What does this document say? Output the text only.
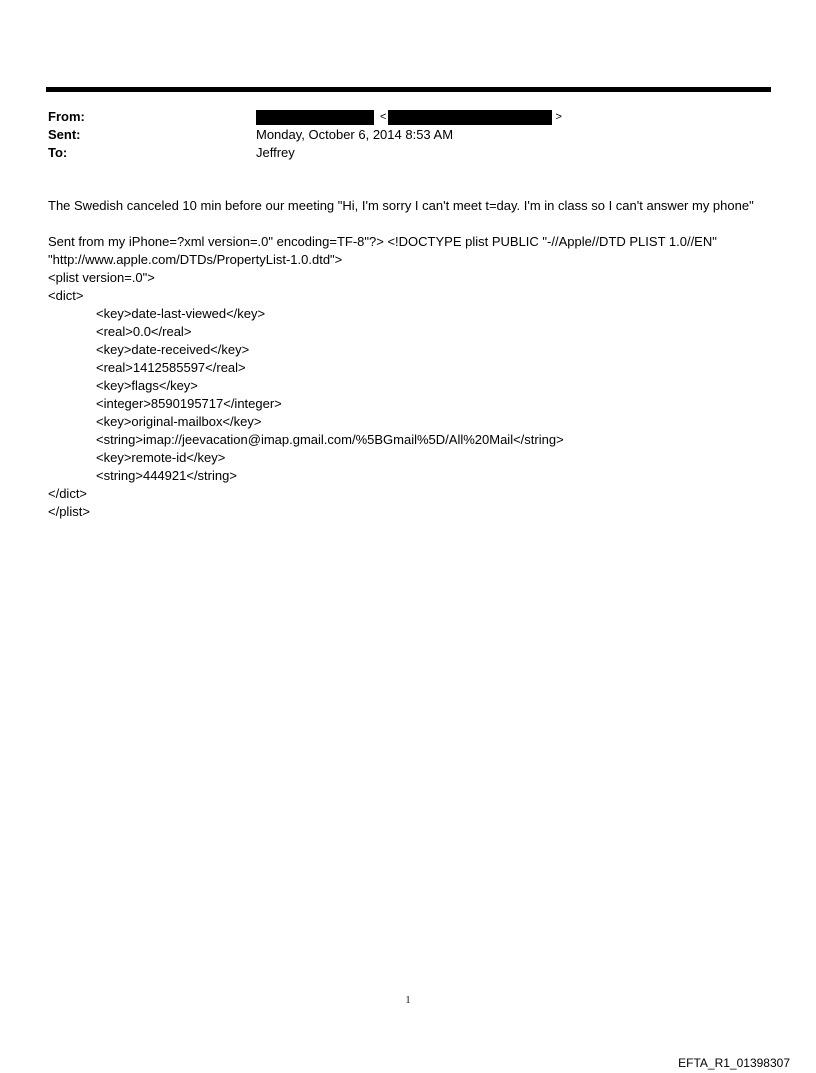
From:	<	>
Sent:	Monday, October 6, 2014 8:53 AM
To:	Jeffrey
The Swedish canceled 10 min before our meeting "Hi, I'm sorry I can't meet t=day. I'm in class so I can't answer my phone"
Sent from my iPhone=?xml version=.0" encoding=TF-8"?> <!DOCTYPE plist PUBLIC "-//Apple//DTD PLIST 1.0//EN"
"http://www.apple.com/DTDs/PropertyList-1.0.dtd">
<plist version=.0">
<dict>
<key>date-last-viewed</key>
<real>0.0</real>
<key>date-received</key>
<real>1412585597</real>
<key>flags</key>
<integer>8590195717</integer>
<key>original-mailbox</key>
<string>imap://jeevacation@imap.gmail.com/%5BGmail%5D/All%20Mail</string>
<key>remote-id</key>
<string>444921</string>
</dict>
</plist>
1
EFTA_R1_01398307
